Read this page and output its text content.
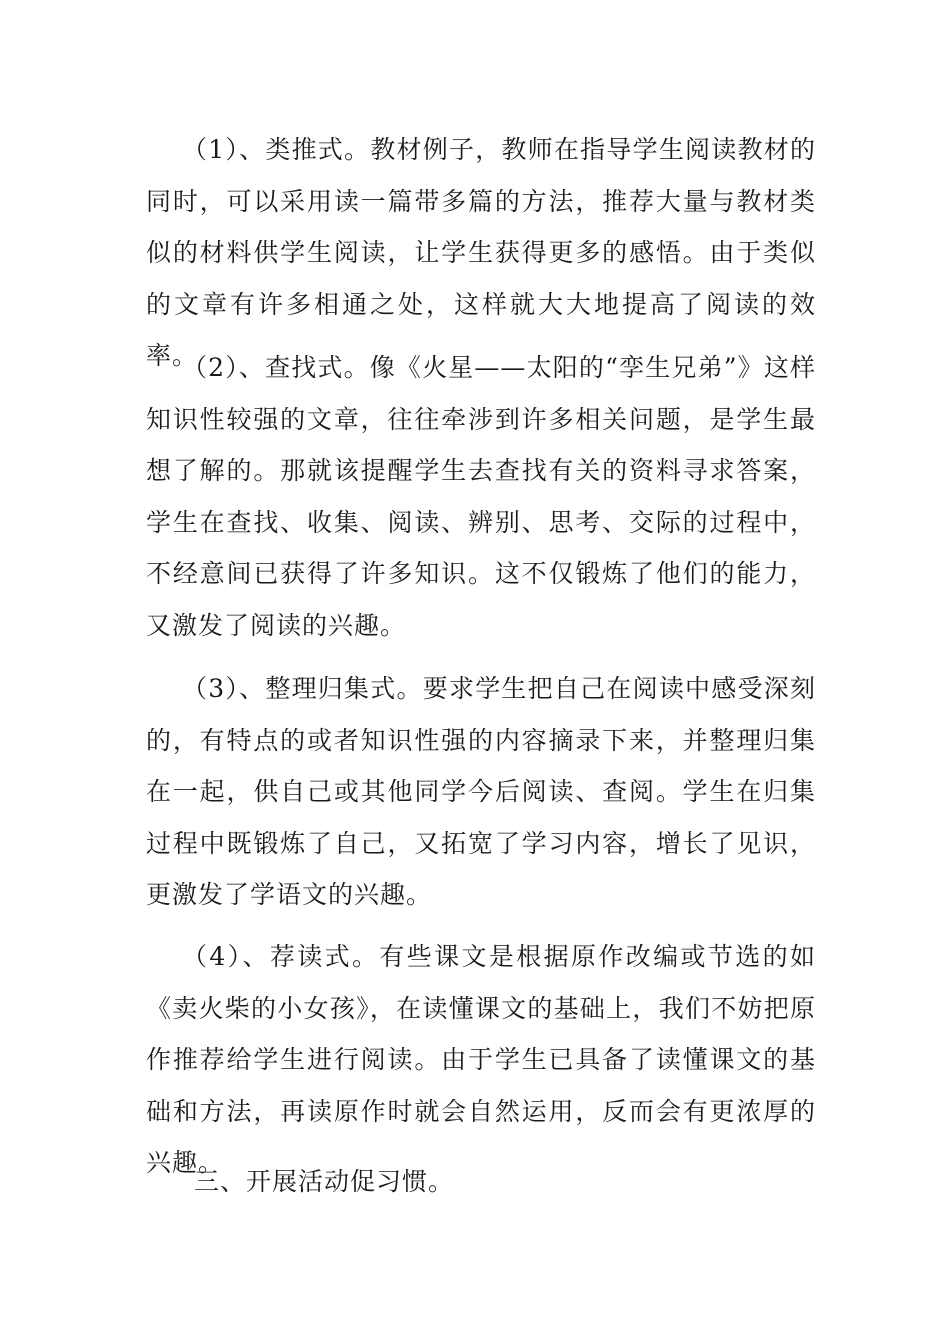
（1）、类推式。教材例子，教师在指导学生阅读教材的同时，可以采用读一篇带多篇的方法，推荐大量与教材类似的材料供学生阅读，让学生获得更多的感悟。由于类似的文章有许多相通之处，这样就大大地提高了阅读的效率。

（2）、查找式。像《火星——太阳的“孪生兄弟”》这样知识性较强的文章，往往牵涉到许多相关问题，是学生最想了解的。那就该提醒学生去查找有关的资料寻求答案，学生在查找、收集、阅读、辨别、思考、交际的过程中，不经意间已获得了许多知识。这不仅锻炼了他们的能力，又激发了阅读的兴趣。

（3）、整理归集式。要求学生把自己在阅读中感受深刻的，有特点的或者知识性强的内容摘录下来，并整理归集在一起，供自己或其他同学今后阅读、查阅。学生在归集过程中既锻炼了自己，又拓宽了学习内容，增长了见识，更激发了学语文的兴趣。

（4）、荐读式。有些课文是根据原作改编或节选的如《卖火柴的小女孩》，在读懂课文的基础上，我们不妨把原作推荐给学生进行阅读。由于学生已具备了读懂课文的基础和方法，再读原作时就会自然运用，反而会有更浓厚的兴趣。

三、开展活动促习惯。
